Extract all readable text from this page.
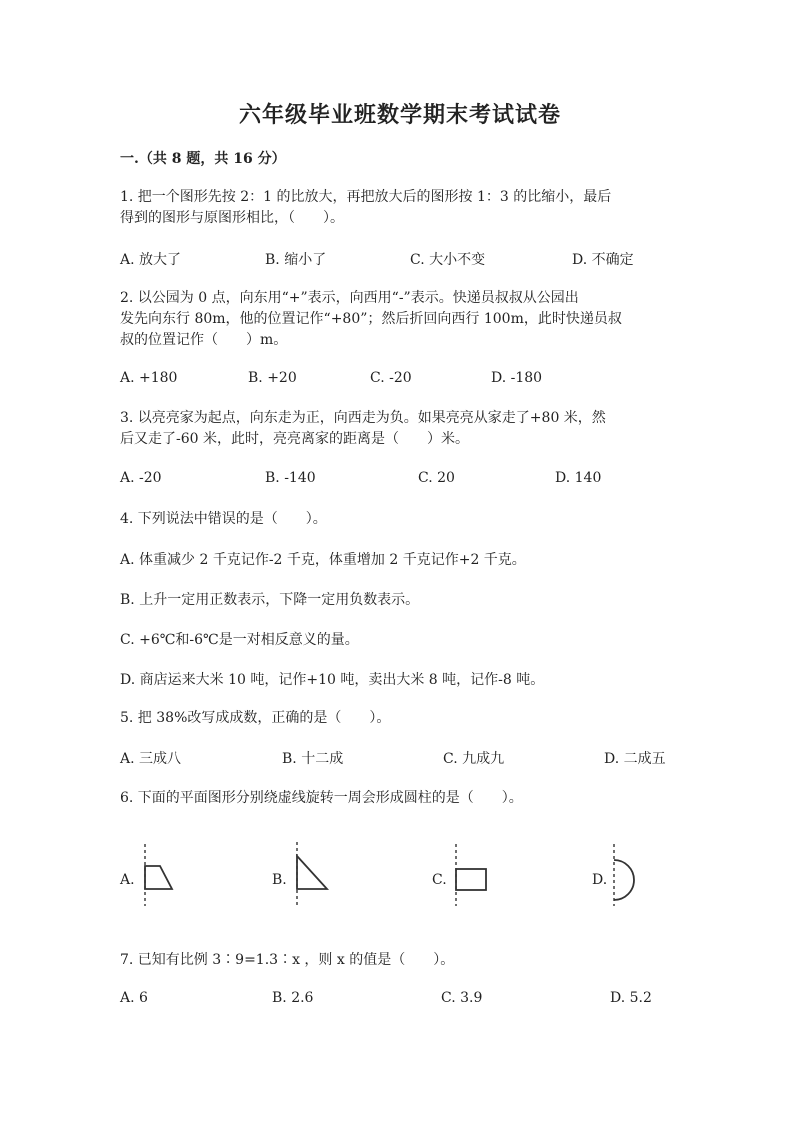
六年级毕业班数学期末考试试卷
一.（共 8 题，共 16 分）
1. 把一个图形先按 2：1 的比放大，再把放大后的图形按 1：3 的比缩小，最后
得到的图形与原图形相比，（　　）。
A. 放大了	B. 缩小了	C. 大小不变	D. 不确定
2. 以公园为 0 点，向东用“+”表示，向西用“-”表示。快递员叔叔从公园出
发先向东行 80m，他的位置记作“+80”；然后折回向西行 100m，此时快递员叔
叔的位置记作（　　）m。
A. +180	B. +20	C. -20	D. -180
3. 以亮亮家为起点，向东走为正，向西走为负。如果亮亮从家走了+80 米，然
后又走了-60 米，此时，亮亮离家的距离是（　　）米。
A. -20	B. -140	C. 20	D. 140
4. 下列说法中错误的是（　　）。
A. 体重减少 2 千克记作-2 千克，体重增加 2 千克记作+2 千克。
B. 上升一定用正数表示，下降一定用负数表示。
C. +6℃和-6℃是一对相反意义的量。
D. 商店运来大米 10 吨，记作+10 吨，卖出大米 8 吨，记作-8 吨。
5. 把 38%改写成成数，正确的是（　　）。
A. 三成八	B. 十二成	C. 九成九	D. 二成五
6. 下面的平面图形分别绕虚线旋转一周会形成圆柱的是（　　）。
A.	B.	C.	D.
7. 已知有比例 3∶9=1.3∶x ，则 x 的值是（　　）。
A. 6	B. 2.6	C. 3.9	D. 5.2
